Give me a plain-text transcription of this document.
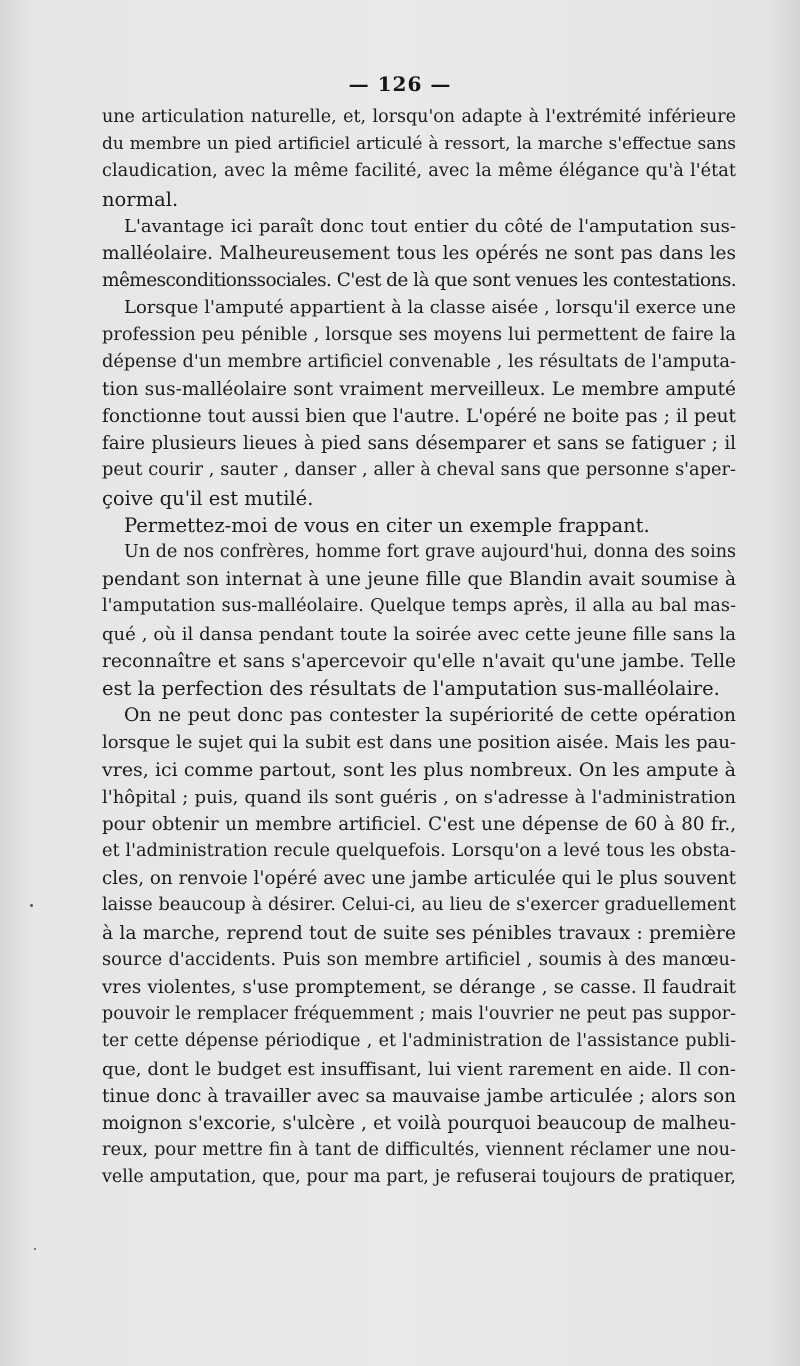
— 126 —
une articulation naturelle, et, lorsqu'on adapte à l'extrémité inférieure
du membre un pied artificiel articulé à ressort, la marche s'effectue sans
claudication, avec la même facilité, avec la même élégance qu'à l'état
normal.
L'avantage ici paraît donc tout entier du côté de l'amputation sus-
malléolaire. Malheureusement tous les opérés ne sont pas dans les
mêmesconditionssociales. C'est de là que sont venues les contestations.
Lorsque l'amputé appartient à la classe aisée , lorsqu'il exerce une
profession peu pénible , lorsque ses moyens lui permettent de faire la
dépense d'un membre artificiel convenable , les résultats de l'amputa-
tion sus-malléolaire sont vraiment merveilleux. Le membre amputé
fonctionne tout aussi bien que l'autre. L'opéré ne boite pas ; il peut
faire plusieurs lieues à pied sans désemparer et sans se fatiguer ; il
peut courir , sauter , danser , aller à cheval sans que personne s'aper-
çoive qu'il est mutilé.
Permettez-moi de vous en citer un exemple frappant.
Un de nos confrères, homme fort grave aujourd'hui, donna des soins
pendant son internat à une jeune fille que Blandin avait soumise à
l'amputation sus-malléolaire. Quelque temps après, il alla au bal mas-
qué , où il dansa pendant toute la soirée avec cette jeune fille sans la
reconnaître et sans s'apercevoir qu'elle n'avait qu'une jambe. Telle
est la perfection des résultats de l'amputation sus-malléolaire.
On ne peut donc pas contester la supériorité de cette opération
lorsque le sujet qui la subit est dans une position aisée. Mais les pau-
vres, ici comme partout, sont les plus nombreux. On les ampute à
l'hôpital ; puis, quand ils sont guéris , on s'adresse à l'administration
pour obtenir un membre artificiel. C'est une dépense de 60 à 80 fr.,
et l'administration recule quelquefois. Lorsqu'on a levé tous les obsta-
cles, on renvoie l'opéré avec une jambe articulée qui le plus souvent
laisse beaucoup à désirer. Celui-ci, au lieu de s'exercer graduellement
à la marche, reprend tout de suite ses pénibles travaux : première
source d'accidents. Puis son membre artificiel , soumis à des manœu-
vres violentes, s'use promptement, se dérange , se casse. Il faudrait
pouvoir le remplacer fréquemment ; mais l'ouvrier ne peut pas suppor-
ter cette dépense périodique , et l'administration de l'assistance publi-
que, dont le budget est insuffisant, lui vient rarement en aide. Il con-
tinue donc à travailler avec sa mauvaise jambe articulée ; alors son
moignon s'excorie, s'ulcère , et voilà pourquoi beaucoup de malheu-
reux, pour mettre fin à tant de difficultés, viennent réclamer une nou-
velle amputation, que, pour ma part, je refuserai toujours de pratiquer,
